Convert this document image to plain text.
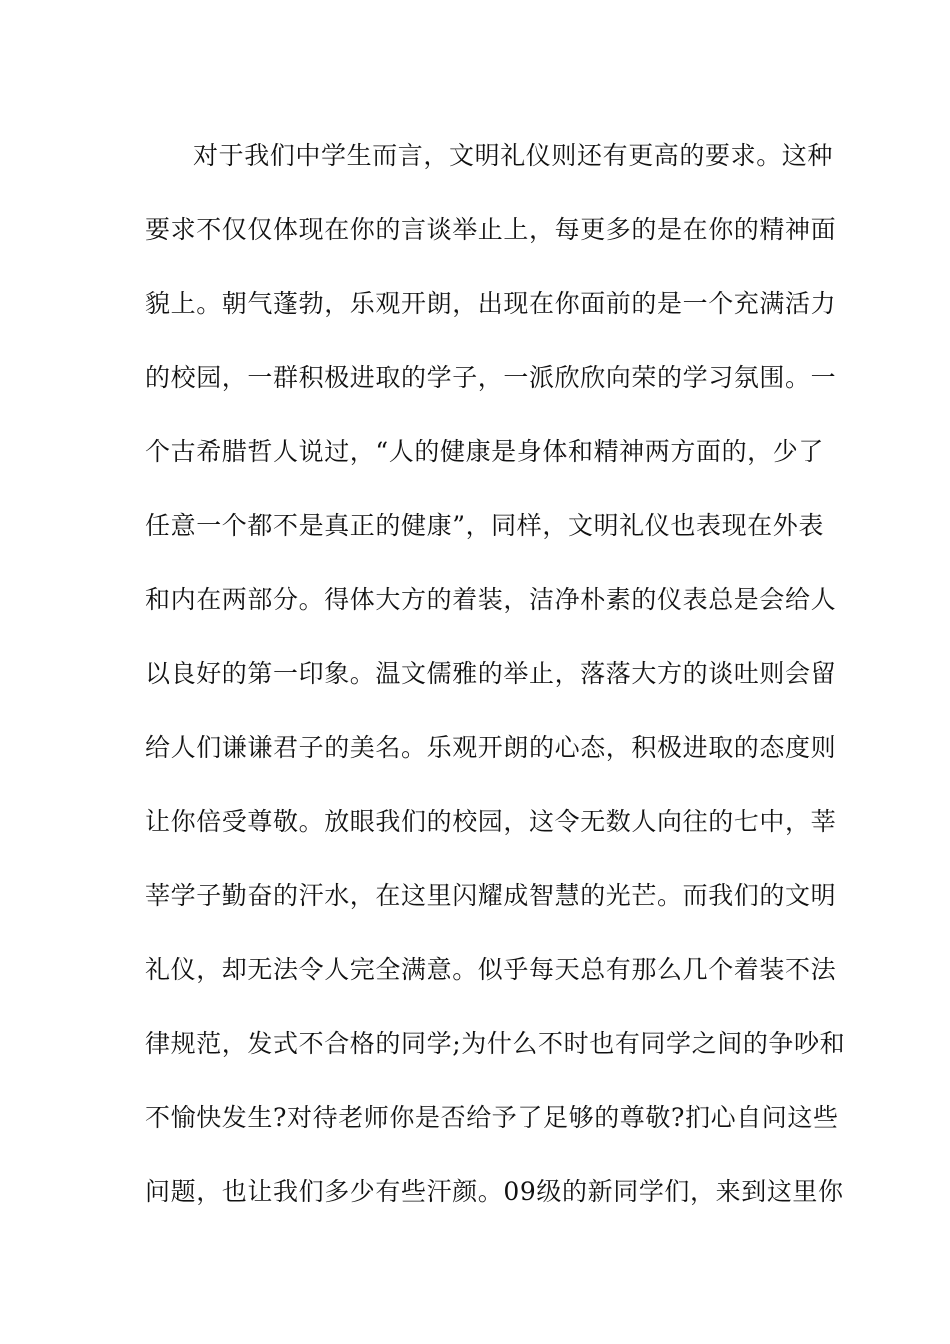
对于我们中学生而言，文明礼仪则还有更高的要求。这种
要求不仅仅体现在你的言谈举止上，每更多的是在你的精神面
貌上。朝气蓬勃，乐观开朗，出现在你面前的是一个充满活力
的校园，一群积极进取的学子，一派欣欣向荣的学习氛围。一
个古希腊哲人说过，“人的健康是身体和精神两方面的，少了
任意一个都不是真正的健康”，同样，文明礼仪也表现在外表
和内在两部分。得体大方的着装，洁净朴素的仪表总是会给人
以良好的第一印象。温文儒雅的举止，落落大方的谈吐则会留
给人们谦谦君子的美名。乐观开朗的心态，积极进取的态度则
让你倍受尊敬。放眼我们的校园，这令无数人向往的七中，莘
莘学子勤奋的汗水，在这里闪耀成智慧的光芒。而我们的文明
礼仪，却无法令人完全满意。似乎每天总有那么几个着装不法
律规范，发式不合格的同学;为什么不时也有同学之间的争吵和
不愉快发生?对待老师你是否给予了足够的尊敬?扪心自问这些
问题，也让我们多少有些汗颜。09级的新同学们，来到这里你
